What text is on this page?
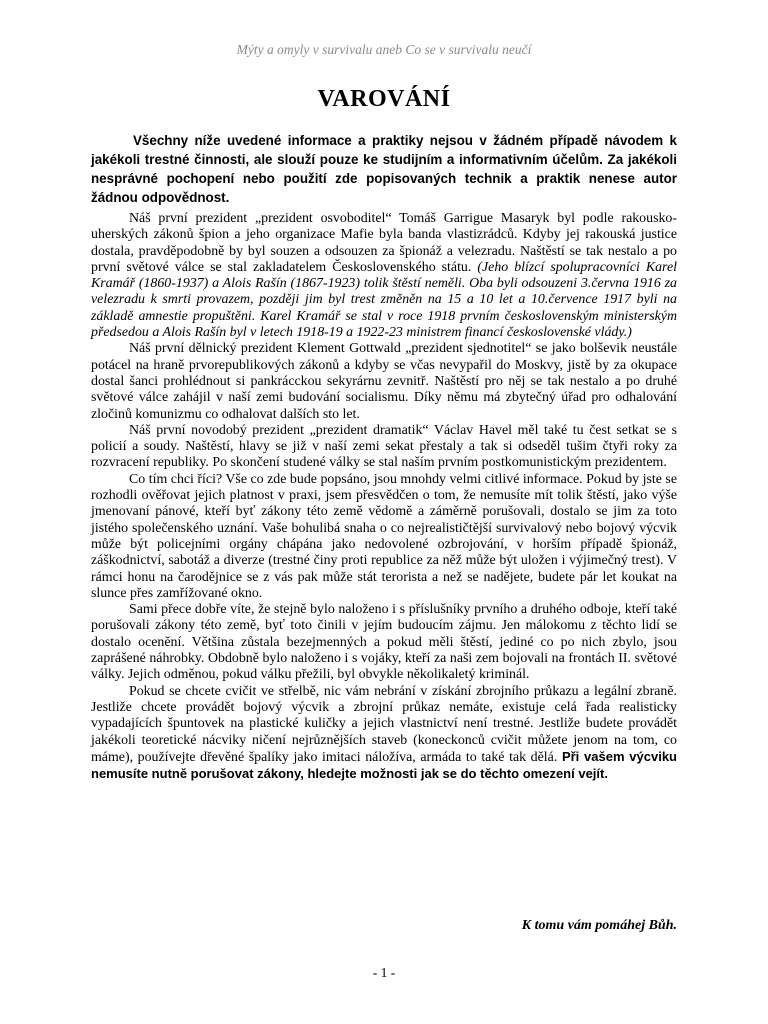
Mýty a omyly v survivalu aneb Co se v survivalu neučí
VAROVÁNÍ
Všechny níže uvedené informace a praktiky nejsou v žádném případě návodem k jakékoli trestné činnosti, ale slouží pouze ke studijním a informativním účelům. Za jakékoli nesprávné pochopení nebo použití zde popisovaných technik a praktik nenese autor žádnou odpovědnost.

Náš první prezident „prezident osvoboditel“ Tomáš Garrigue Masaryk byl podle rakousko-uherských zákonů špion a jeho organizace Mafie byla banda vlastizrádců. Kdyby jej rakouská justice dostala, pravděpodobně by byl souzen a odsouzen za špionáž a velezradu. Naštěstí se tak nestalo a po první světové válce se stal zakladatelem Československého státu. (Jeho blízcí spolupracovníci Karel Kramář (1860-1937) a Alois Rašín (1867-1923) tolik štěstí neměli. Oba byli odsouzeni 3.června 1916 za velezradu k smrti provazem, později jim byl trest změněn na 15 a 10 let a 10.července 1917 byli na základě amnestie propuštěni. Karel Kramář se stal v roce 1918 prvním československým ministerským předsedou a Alois Rašín byl v letech 1918-19 a 1922-23 ministrem financí československé vlády.)

Náš první dělnický prezident Klement Gottwald „prezident sjednotitel“ se jako bolševik neustále potácel na hraně prvorepublikových zákonů a kdyby se včas nevypařil do Moskvy, jistě by za okupace dostal šanci prohlédnout si pankrácckou sekyrárnu zevnitř. Naštěstí pro něj se tak nestalo a po druhé světové válce zahájil v naší zemi budování socialismu. Díky němu má zbytečný úřad pro odhalování zločinů komunizmu co odhalovat dalších sto let.

Náš první novodobý prezident „prezident dramatik“ Václav Havel měl také tu čest setkat se s policií a soudy. Naštěstí, hlavy se již v naší zemi sekat přestaly a tak si odseděl tušim čtyři roky za rozvracení republiky. Po skončení studené války se stal naším prvním postkomunistickým prezidentem.

Co tím chci říci? Vše co zde bude popsáno, jsou mnohdy velmi citlivé informace. Pokud by jste se rozhodli ověřovat jejich platnost v praxi, jsem přesvědčen o tom, že nemusíte mít tolik štěstí, jako výše jmenovaní pánové, kteří byť zákony této země vědomě a záměrně porušovali, dostalo se jim za toto jistého společenského uznání. Vaše bohulibá snaha o co nejrealističtější survivalový nebo bojový výcvik může být policejními orgány chápána jako nedovolené ozbrojování, v horším případě špionáž, záškodnictví, sabotáž a diverze (trestné činy proti republice za něž může být uložen i výjimečný trest). V rámci honu na čarodějnice se z vás pak může stát terorista a než se nadějete, budete pár let koukat na slunce přes zamřížované okno.

Sami přece dobře víte, že stejně bylo naloženo i s příslušníky prvního a druhého odboje, kteří také porušovali zákony této země, byť toto činili v jejím budoucím zájmu. Jen málokomu z těchto lidí se dostalo ocenění. Většina zůstala bezejmenných a pokud měli štěstí, jediné co po nich zbylo, jsou zaprášené náhrobky. Obdobně bylo naloženo i s vojáky, kteří za naši zem bojovali na frontách II. světové války. Jejich odměnou, pokud válku přežili, byl obvykle několikaletý kriminál.

Pokud se chcete cvičit ve střelbě, nic vám nebrání v získání zbrojního průkazu a legální zbraně. Jestliže chcete provádět bojový výcvik a zbrojní průkaz nemáte, existuje celá řada realisticky vypadajících špuntovek na plastické kuličky a jejich vlastnictví není trestné. Jestliže budete provádět jakékoli teoretické nácviky ničení nejrůznějších staveb (koneckonců cvičit můžete jenom na tom, co máme), používejte dřevěné špalíky jako imitaci náložíva, armáda to také tak dělá. Při vašem výcviku nemusíte nutně porušovat zákony, hledejte možnosti jak se do těchto omezení vejít.

K tomu vám pomáhej Bůh.
- 1 -
